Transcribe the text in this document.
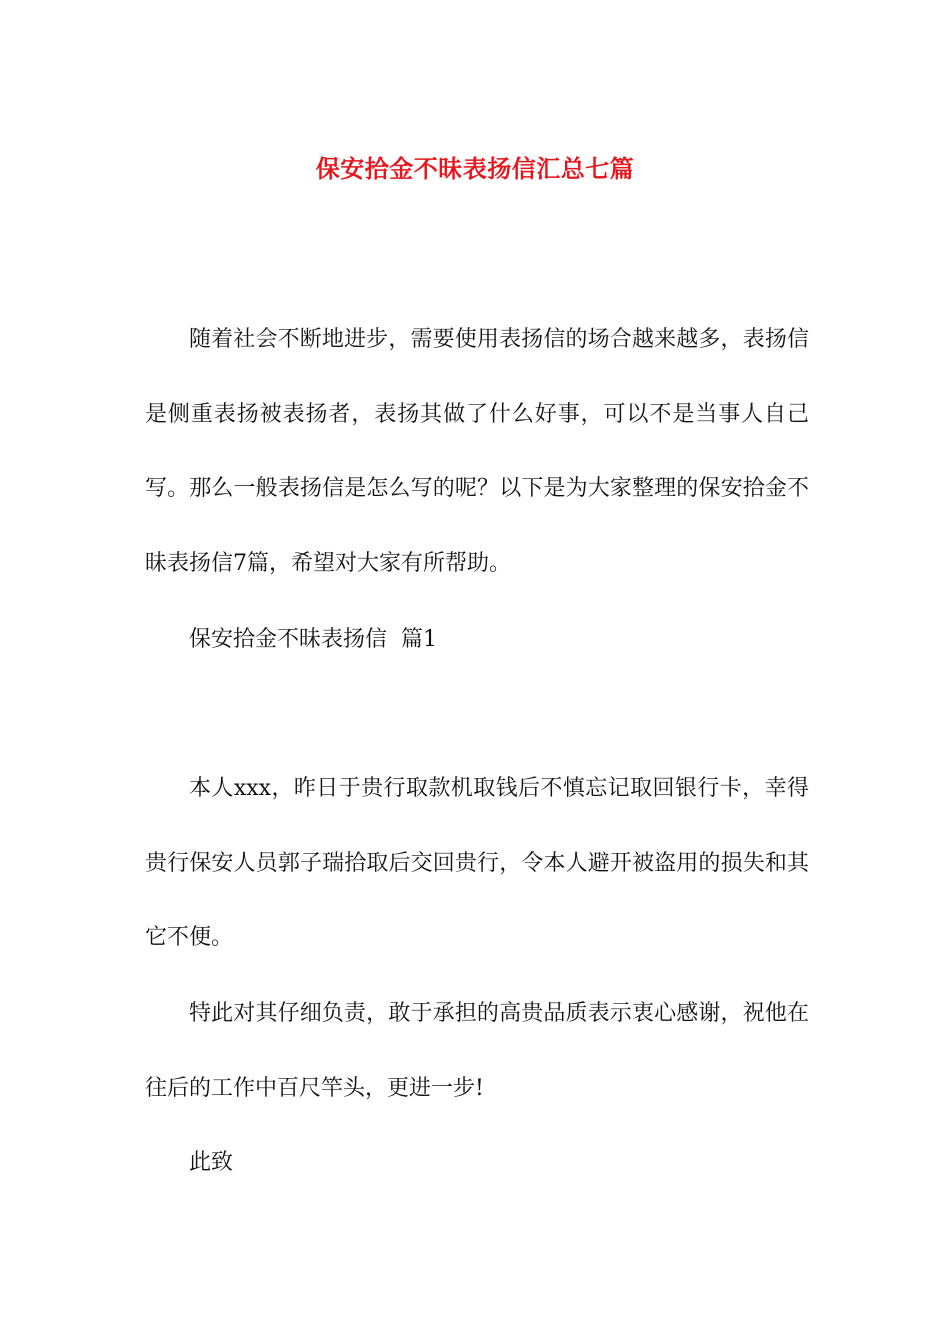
保安拾金不昧表扬信汇总七篇

随着社会不断地进步，需要使用表扬信的场合越来越多，表扬信是侧重表扬被表扬者，表扬其做了什么好事，可以不是当事人自己写。那么一般表扬信是怎么写的呢？以下是为大家整理的保安拾金不昧表扬信7篇，希望对大家有所帮助。

保安拾金不昧表扬信  篇1

本人xxx，昨日于贵行取款机取钱后不慎忘记取回银行卡，幸得贵行保安人员郭子瑞拾取后交回贵行，令本人避开被盗用的损失和其它不便。

特此对其仔细负责，敢于承担的高贵品质表示衷心感谢，祝他在往后的工作中百尺竿头，更进一步!

此致
